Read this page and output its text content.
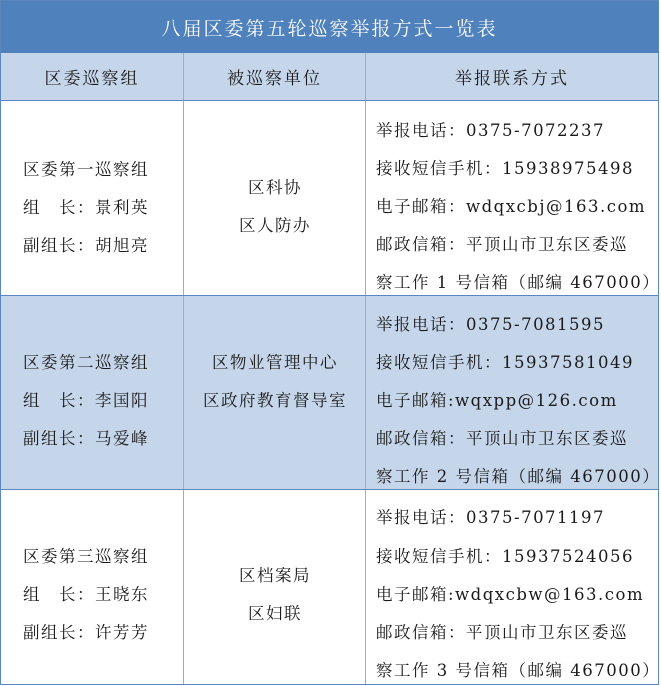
八届区委第五轮巡察举报方式一览表
区委巡察组	被巡察单位	举报联系方式
区委第一巡察组
组　长：景利英
副组长：胡旭亮
区科协
区人防办
举报电话：0375-7072237
接收短信手机：15938975498
电子邮箱：wdqxcbj@163.com
邮政信箱：平顶山市卫东区委巡
察工作 1 号信箱（邮编 467000）
区委第二巡察组
组　长：李国阳
副组长：马爱峰
区物业管理中心
区政府教育督导室
举报电话：0375-7081595
接收短信手机：15937581049
电子邮箱:wqxpp@126.com
邮政信箱：平顶山市卫东区委巡
察工作 2 号信箱（邮编 467000）
区委第三巡察组
组　长：王晓东
副组长：许芳芳
区档案局
区妇联
举报电话：0375-7071197
接收短信手机：15937524056
电子邮箱:wdqxcbw@163.com
邮政信箱：平顶山市卫东区委巡
察工作 3 号信箱（邮编 467000）
